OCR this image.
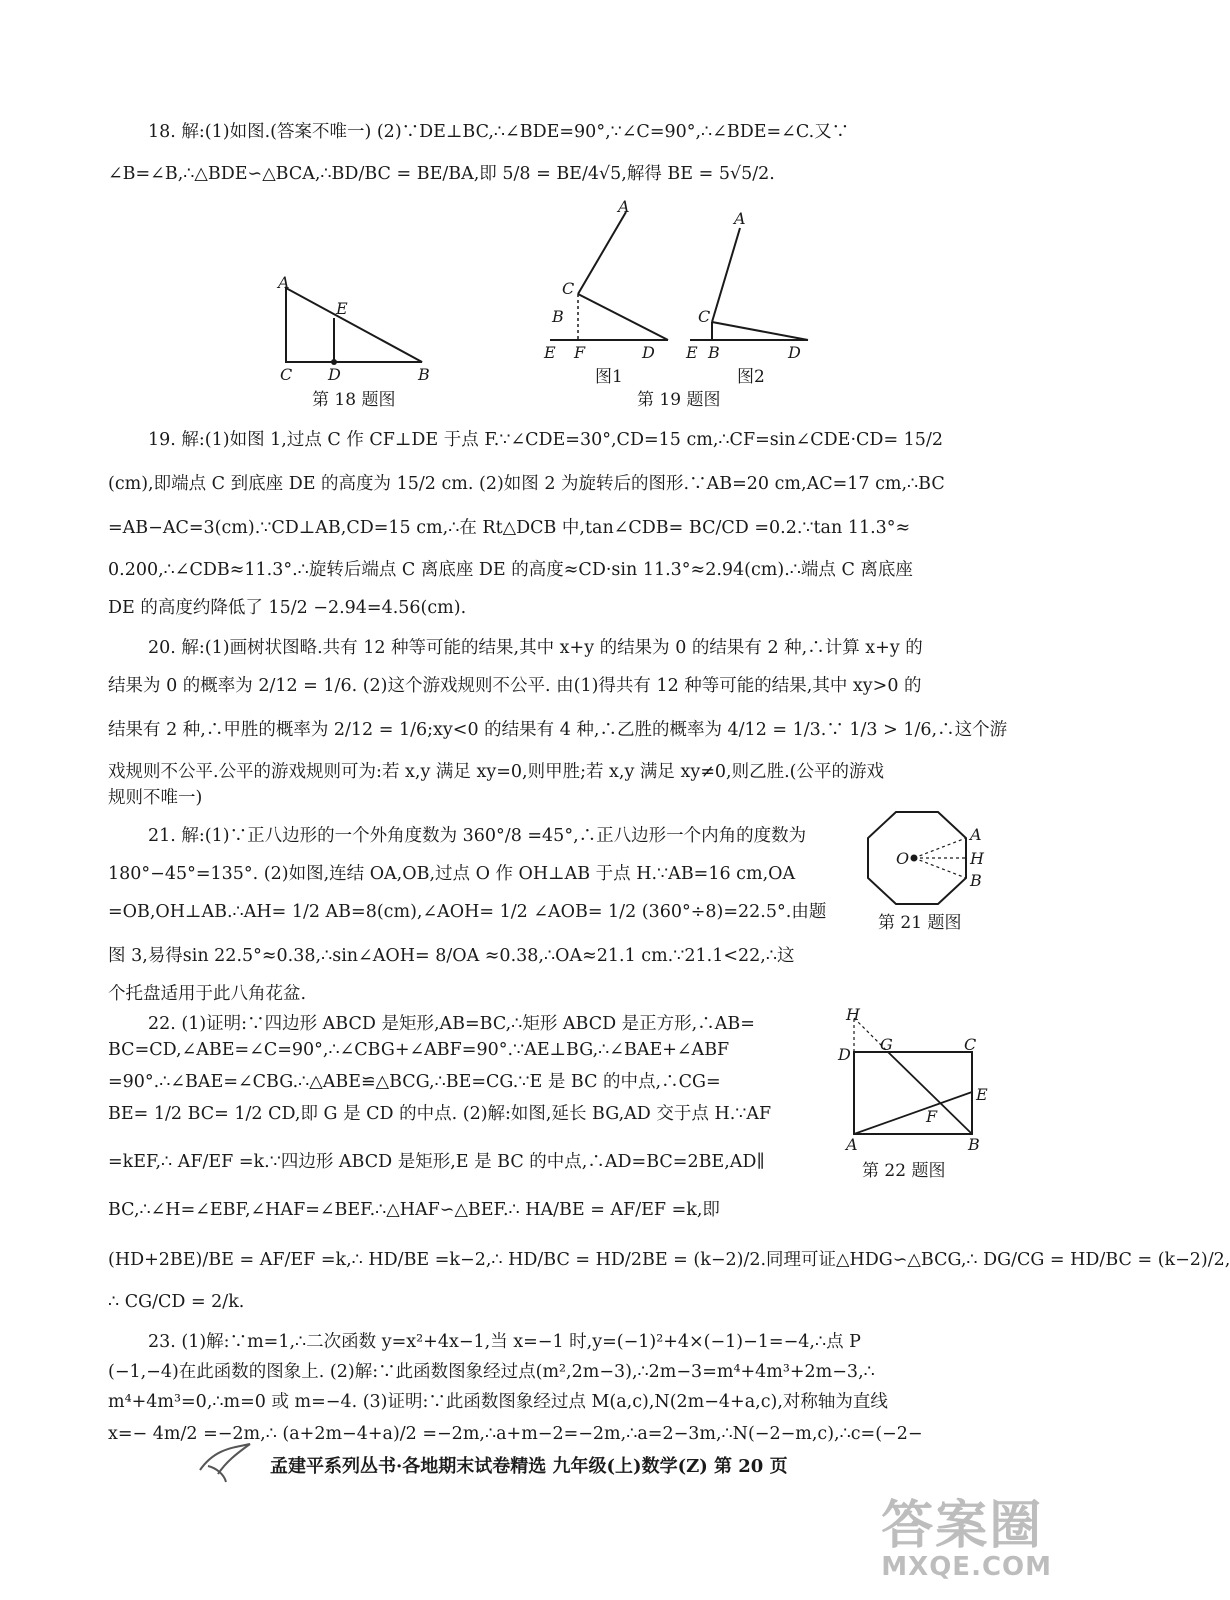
18. 解:(1)如图.(答案不唯一) (2)∵DE⊥BC,∴∠BDE=90°,∵∠C=90°,∴∠BDE=∠C.又∵
∠B=∠B,∴△BDE∽△BCA,∴BD/BC = BE/BA,即 5/8 = BE/4√5,解得 BE = 5√5/2.
A
E
C D	B
第 18 题图
A
C
B
E F	D
A
C
E B	D
图1	图2
第 19 题图
19. 解:(1)如图 1,过点 C 作 CF⊥DE 于点 F.∵∠CDE=30°,CD=15 cm,∴CF=sin∠CDE·CD= 15/2
(cm),即端点 C 到底座 DE 的高度为 15/2 cm. (2)如图 2 为旋转后的图形.∵AB=20 cm,AC=17 cm,∴BC
=AB−AC=3(cm).∵CD⊥AB,CD=15 cm,∴在 Rt△DCB 中,tan∠CDB= BC/CD =0.2.∵tan 11.3°≈
0.200,∴∠CDB≈11.3°.∴旋转后端点 C 离底座 DE 的高度≈CD·sin 11.3°≈2.94(cm).∴端点 C 离底座
DE 的高度约降低了 15/2 −2.94=4.56(cm).
20. 解:(1)画树状图略.共有 12 种等可能的结果,其中 x+y 的结果为 0 的结果有 2 种,∴计算 x+y 的
结果为 0 的概率为 2/12 = 1/6. (2)这个游戏规则不公平. 由(1)得共有 12 种等可能的结果,其中 xy>0 的
结果有 2 种,∴甲胜的概率为 2/12 = 1/6;xy<0 的结果有 4 种,∴乙胜的概率为 4/12 = 1/3.∵ 1/3 > 1/6,∴这个游
戏规则不公平.公平的游戏规则可为:若 x,y 满足 xy=0,则甲胜;若 x,y 满足 xy≠0,则乙胜.(公平的游戏
规则不唯一)
21. 解:(1)∵正八边形的一个外角度数为 360°/8 =45°,∴正八边形一个内角的度数为
180°−45°=135°. (2)如图,连结 OA,OB,过点 O 作 OH⊥AB 于点 H.∵AB=16 cm,OA
=OB,OH⊥AB.∴AH= 1/2 AB=8(cm),∠AOH= 1/2 ∠AOB= 1/2 (360°÷8)=22.5°.由题
图 3,易得sin 22.5°≈0.38,∴sin∠AOH= 8/OA ≈0.38,∴OA≈21.1 cm.∵21.1<22,∴这
个托盘适用于此八角花盆.
O
A
H
B
第 21 题图
22. (1)证明:∵四边形 ABCD 是矩形,AB=BC,∴矩形 ABCD 是正方形,∴AB=
BC=CD,∠ABE=∠C=90°,∴∠CBG+∠ABF=90°.∵AE⊥BG,∴∠BAE+∠ABF
=90°.∴∠BAE=∠CBG.∴△ABE≌△BCG,∴BE=CG.∵E 是 BC 的中点,∴CG=
BE= 1/2 BC= 1/2 CD,即 G 是 CD 的中点. (2)解:如图,延长 BG,AD 交于点 H.∵AF
=kEF,∴ AF/EF =k.∵四边形 ABCD 是矩形,E 是 BC 的中点,∴AD=BC=2BE,AD∥
BC,∴∠H=∠EBF,∠HAF=∠BEF.∴△HAF∽△BEF.∴ HA/BE = AF/EF =k,即
(HD+2BE)/BE = AF/EF =k,∴ HD/BE =k−2,∴ HD/BC = HD/2BE = (k−2)/2.同理可证△HDG∽△BCG,∴ DG/CG = HD/BC = (k−2)/2,
∴ CG/CD = 2/k.
H
D
G	C
E
F
A	B
第 22 题图
23. (1)解:∵m=1,∴二次函数 y=x²+4x−1,当 x=−1 时,y=(−1)²+4×(−1)−1=−4,∴点 P
(−1,−4)在此函数的图象上. (2)解:∵此函数图象经过点(m²,2m−3),∴2m−3=m⁴+4m³+2m−3,∴
m⁴+4m³=0,∴m=0 或 m=−4. (3)证明:∵此函数图象经过点 M(a,c),N(2m−4+a,c),对称轴为直线
x=− 4m/2 =−2m,∴ (a+2m−4+a)/2 =−2m,∴a+m−2=−2m,∴a=2−3m,∴N(−2−m,c),∴c=(−2−
孟建平系列丛书·各地期末试卷精选 九年级(上)数学(Z) 第 20 页
答案圈
MXQE.COM
